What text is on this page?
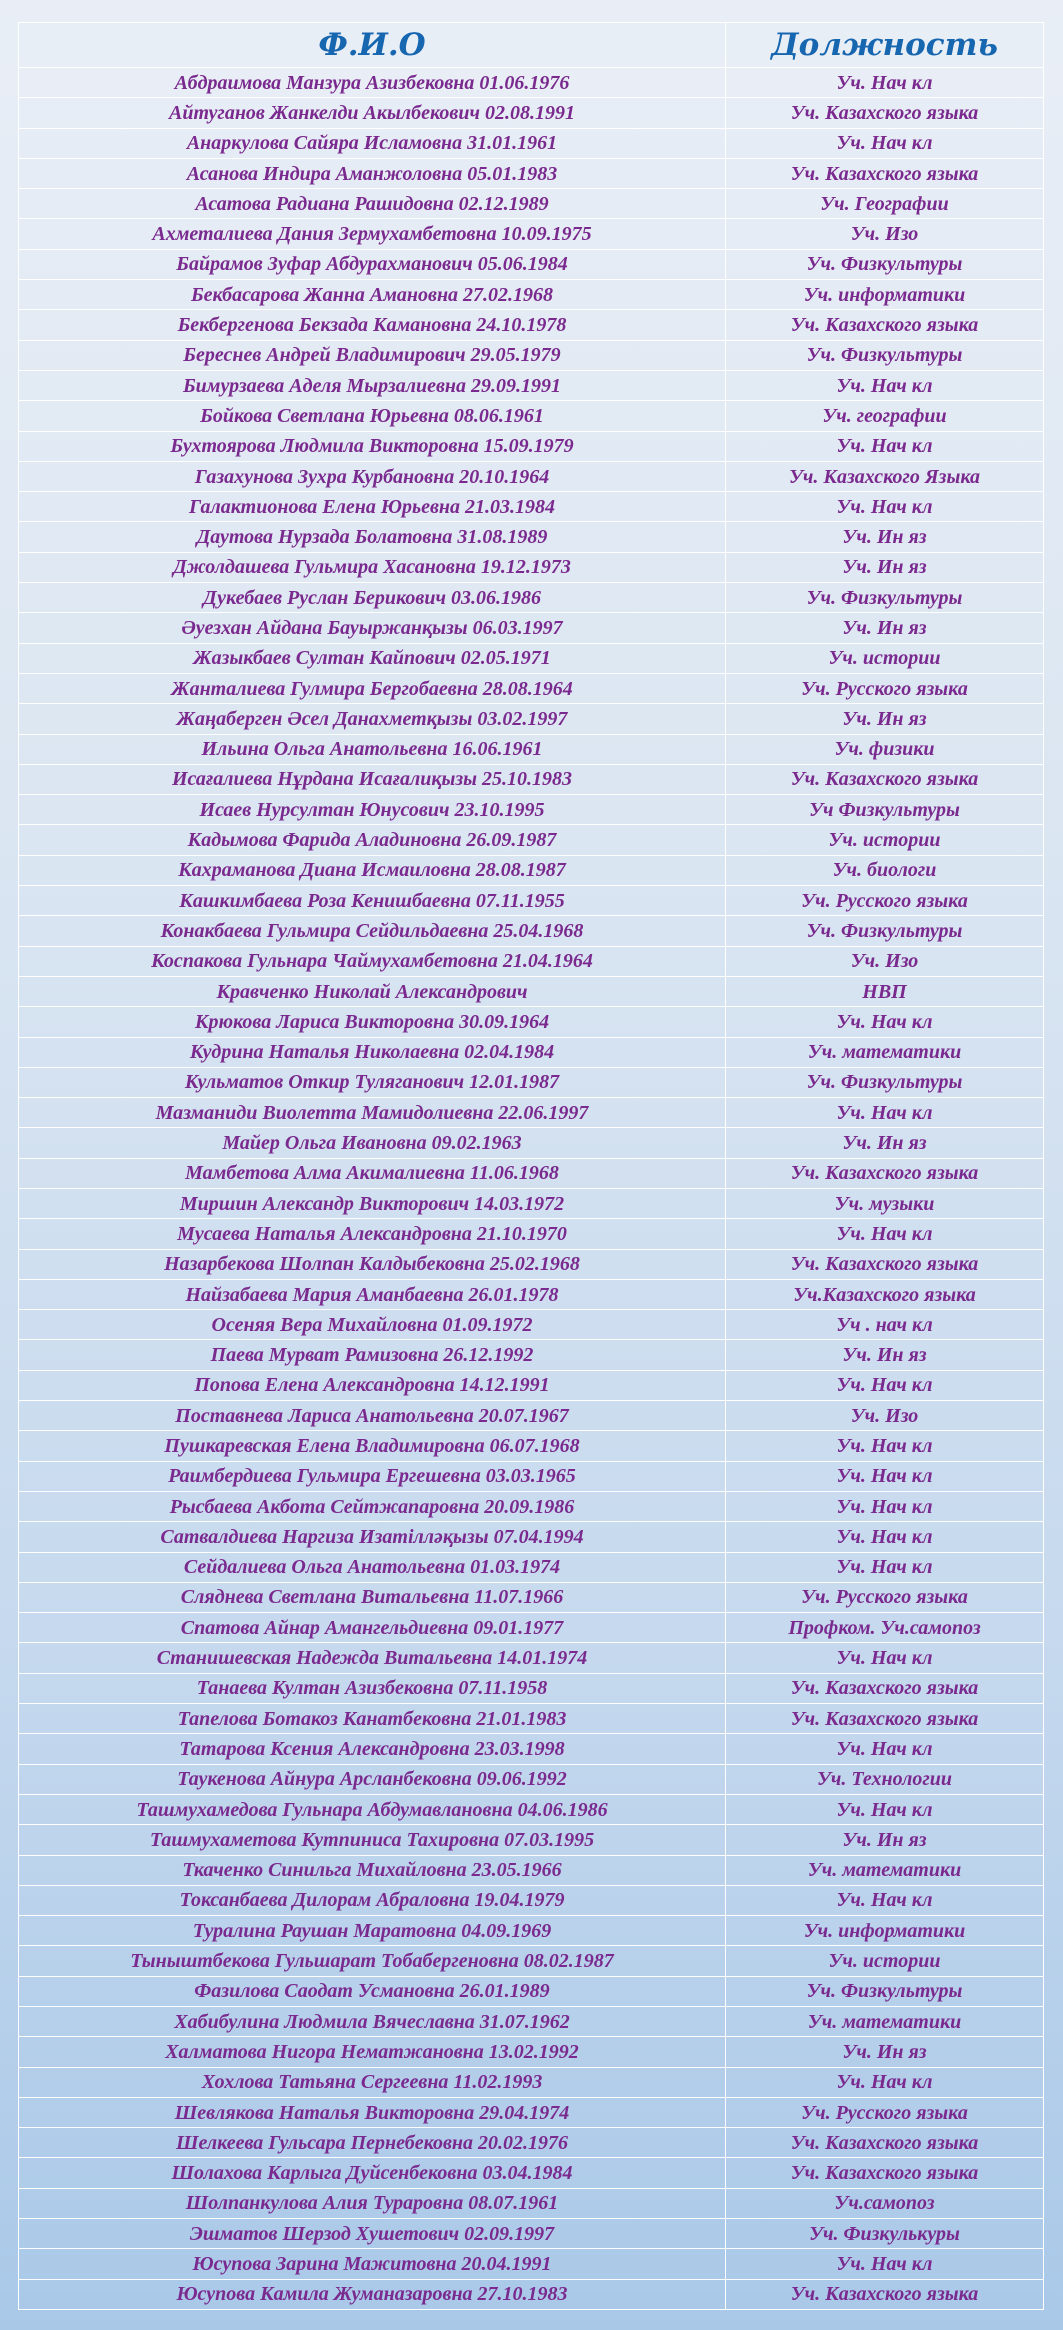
Ф.И.О	Должность
Абдраимова Манзура Азизбековна 01.06.1976	Уч. Нач кл
Айтуганов Жанкелди Акылбекович 02.08.1991	Уч. Казахского языка
Анаркулова Сайяра Исламовна 31.01.1961	Уч. Нач кл
Асанова Индира Аманжоловна 05.01.1983	Уч. Казахского языка
Асатова Радиана Рашидовна 02.12.1989	Уч. Географии
Ахметалиева Дания Зермухамбетовна 10.09.1975	Уч. Изо
Байрамов Зуфар Абдурахманович 05.06.1984	Уч. Физкультуры
Бекбасарова Жанна Амановна 27.02.1968	Уч. информатики
Бекбергенова Бекзада Камановна 24.10.1978	Уч. Казахского языка
Береснев Андрей Владимирович 29.05.1979	Уч. Физкультуры
Бимурзаева Аделя Мырзалиевна 29.09.1991	Уч. Нач кл
Бойкова Светлана Юрьевна 08.06.1961	Уч. географии
Бухтоярова Людмила Викторовна 15.09.1979	Уч. Нач кл
Газахунова Зухра Курбановна 20.10.1964	Уч. Казахского Языка
Галактионова Елена Юрьевна 21.03.1984	Уч. Нач кл
Даутова Нурзада Болатовна 31.08.1989	Уч. Ин яз
Джолдашева Гульмира Хасановна 19.12.1973	Уч. Ин яз
Дукебаев Руслан Берикович 03.06.1986	Уч. Физкультуры
Әуезхан Айдана Бауыржанқызы 06.03.1997	Уч. Ин яз
Жазыкбаев Султан Кайпович 02.05.1971	Уч. истории
Жанталиева Гулмира Бергобаевна 28.08.1964	Уч. Русского языка
Жаңаберген Әсел Данахметқызы 03.02.1997	Уч. Ин яз
Ильина Ольга Анатольевна 16.06.1961	Уч. физики
Исағалиева Нұрдана Исағалиқызы 25.10.1983	Уч. Казахского языка
Исаев Нурсултан Юнусович 23.10.1995	Уч Физкультуры
Кадымова Фарида Аладиновна 26.09.1987	Уч. истории
Кахраманова Диана Исмаиловна 28.08.1987	Уч. биологи
Кашкимбаева Роза Кенишбаевна 07.11.1955	Уч. Русского языка
Конакбаева Гульмира Сейдильдаевна 25.04.1968	Уч. Физкультуры
Коспакова Гульнара Чаймухамбетовна 21.04.1964	Уч. Изо
Кравченко Николай Александрович	НВП
Крюкова Лариса Викторовна 30.09.1964	Уч. Нач кл
Кудрина Наталья Николаевна 02.04.1984	Уч. математики
Кульматов Откир Туляганович 12.01.1987	Уч. Физкультуры
Мазманиди Виолетта Мамидолиевна 22.06.1997	Уч. Нач кл
Майер Ольга Ивановна 09.02.1963	Уч. Ин яз
Мамбетова Алма Акималиевна 11.06.1968	Уч. Казахского языка
Миршин Александр Викторович 14.03.1972	Уч. музыки
Мусаева Наталья Александровна 21.10.1970	Уч. Нач кл
Назарбекова Шолпан Калдыбековна 25.02.1968	Уч. Казахского языка
Найзабаева Мария Аманбаевна 26.01.1978	Уч.Казахского языка
Осеняя Вера Михайловна 01.09.1972	Уч . нач кл
Паева Мурват Рамизовна 26.12.1992	Уч. Ин яз
Попова Елена Александровна 14.12.1991	Уч. Нач кл
Поставнева Лариса Анатольевна 20.07.1967	Уч. Изо
Пушкаревская Елена Владимировна 06.07.1968	Уч. Нач кл
Раимбердиева Гульмира Ергешевна 03.03.1965	Уч. Нач кл
Рысбаева Акбота Сейтжапаровна 20.09.1986	Уч. Нач кл
Сатвалдиева Наргиза Изатілләқызы 07.04.1994	Уч. Нач кл
Сейдалиева Ольга Анатольевна 01.03.1974	Уч. Нач кл
Сляднева Светлана Витальевна 11.07.1966	Уч. Русского языка
Спатова Айнар Амангельдиевна 09.01.1977	Профком. Уч.самопоз
Станишевская Надежда Витальевна 14.01.1974	Уч. Нач кл
Танаева Култан Азизбековна 07.11.1958	Уч. Казахского языка
Тапелова Ботакоз Канатбековна 21.01.1983	Уч. Казахского языка
Татарова Ксения Александровна 23.03.1998	Уч. Нач кл
Таукенова Айнура Арсланбековна 09.06.1992	Уч. Технологии
Ташмухамедова Гульнара Абдумавлановна 04.06.1986	Уч. Нач кл
Ташмухаметова Кутпиниса Тахировна 07.03.1995	Уч. Ин яз
Ткаченко Синильга Михайловна 23.05.1966	Уч. математики
Токсанбаева Дилорам Абраловна 19.04.1979	Уч. Нач кл
Туралина Раушан Маратовна 04.09.1969	Уч. информатики
Тыныштбекова Гульшарат Тобабергеновна 08.02.1987	Уч. истории
Фазилова Саодат Усмановна 26.01.1989	Уч. Физкультуры
Хабибулина Людмила Вячеславна 31.07.1962	Уч. математики
Халматова Нигора Нематжановна 13.02.1992	Уч. Ин яз
Хохлова Татьяна Сергеевна 11.02.1993	Уч. Нач кл
Шевлякова Наталья Викторовна 29.04.1974	Уч. Русского языка
Шелкеева Гульсара Пернебековна 20.02.1976	Уч. Казахского языка
Шолахова Карлыга Дуйсенбековна 03.04.1984	Уч. Казахского языка
Шолпанкулова Алия Тураровна 08.07.1961	Уч.самопоз
Эшматов Шерзод Хушетович 02.09.1997	Уч. Физкулькуры
Юсупова Зарина Мажитовна 20.04.1991	Уч. Нач кл
Юсупова Камила Жуманазаровна 27.10.1983	Уч. Казахского языка
